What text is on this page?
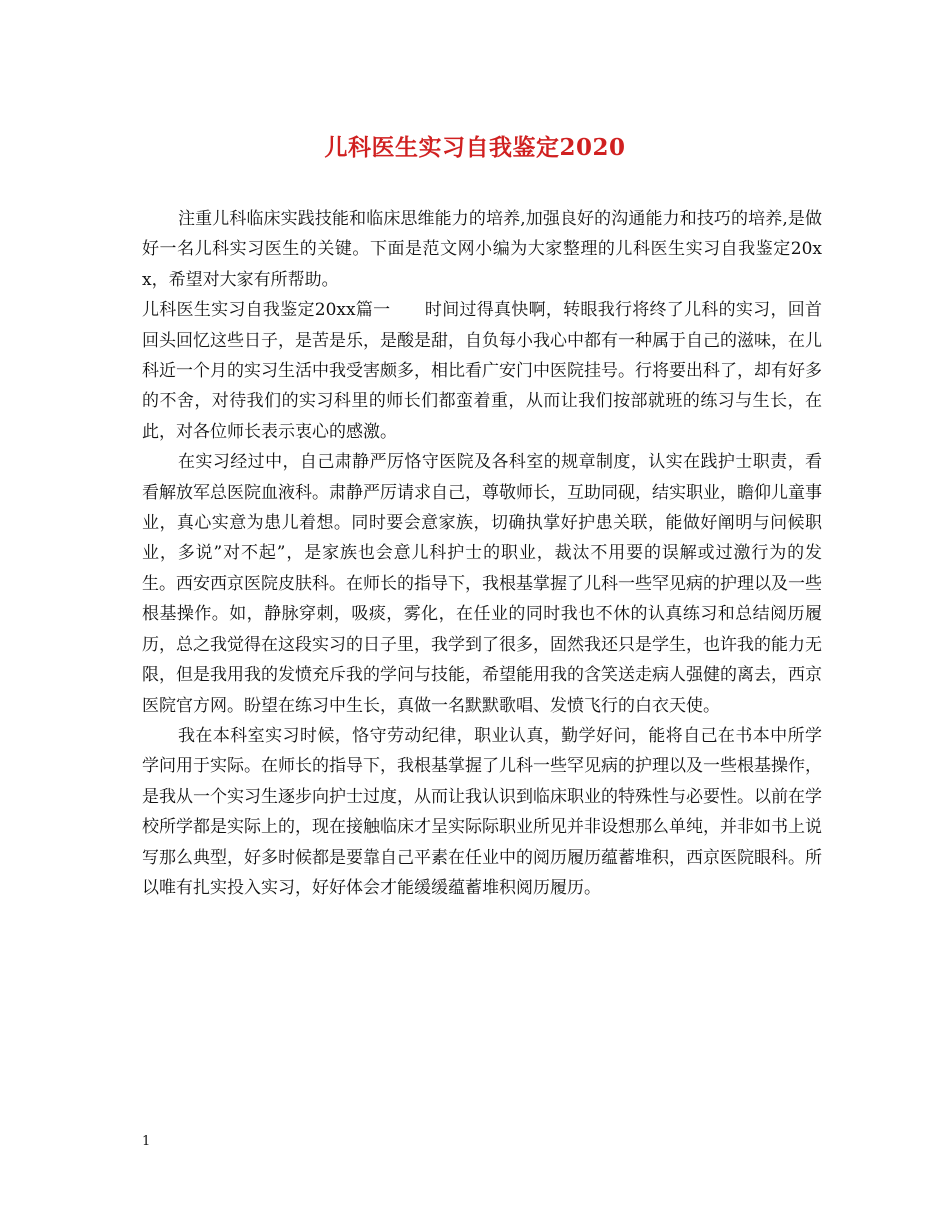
儿科医生实习自我鉴定2020

注重儿科临床实践技能和临床思维能力的培养,加强良好的沟通能力和技巧的培养,是做好一名儿科实习医生的关键。下面是范文网小编为大家整理的儿科医生实习自我鉴定20xx，希望对大家有所帮助。

儿科医生实习自我鉴定20xx篇一　　时间过得真快啊，转眼我行将终了儿科的实习，回首回头回忆这些日子，是苦是乐，是酸是甜，自负每小我心中都有一种属于自己的滋味，在儿科近一个月的实习生活中我受害颇多，相比看广安门中医院挂号。行将要出科了，却有好多的不舍，对待我们的实习科里的师长们都蛮着重，从而让我们按部就班的练习与生长，在此，对各位师长表示衷心的感激。

在实习经过中，自己肃静严厉恪守医院及各科室的规章制度，认实在践护士职责，看看解放军总医院血液科。肃静严厉请求自己，尊敬师长，互助同砚，结实职业，瞻仰儿童事业，真心实意为患儿着想。同时要会意家族，切确执掌好护患关联，能做好阐明与问候职业，多说”对不起”，是家族也会意儿科护士的职业，裁汰不用要的误解或过激行为的发生。西安西京医院皮肤科。在师长的指导下，我根基掌握了儿科一些罕见病的护理以及一些根基操作。如，静脉穿刺，吸痰，雾化，在任业的同时我也不休的认真练习和总结阅历履历，总之我觉得在这段实习的日子里，我学到了很多，固然我还只是学生，也许我的能力无限，但是我用我的发愤充斥我的学问与技能，希望能用我的含笑送走病人强健的离去，西京医院官方网。盼望在练习中生长，真做一名默默歌唱、发愤飞行的白衣天使。

我在本科室实习时候，恪守劳动纪律，职业认真，勤学好问，能将自己在书本中所学学问用于实际。在师长的指导下，我根基掌握了儿科一些罕见病的护理以及一些根基操作，是我从一个实习生逐步向护士过度，从而让我认识到临床职业的特殊性与必要性。以前在学校所学都是实际上的，现在接触临床才呈实际际职业所见并非设想那么单纯，并非如书上说写那么典型，好多时候都是要靠自己平素在任业中的阅历履历蕴蓄堆积，西京医院眼科。所以唯有扎实投入实习，好好体会才能缓缓蕴蓄堆积阅历履历。

1
